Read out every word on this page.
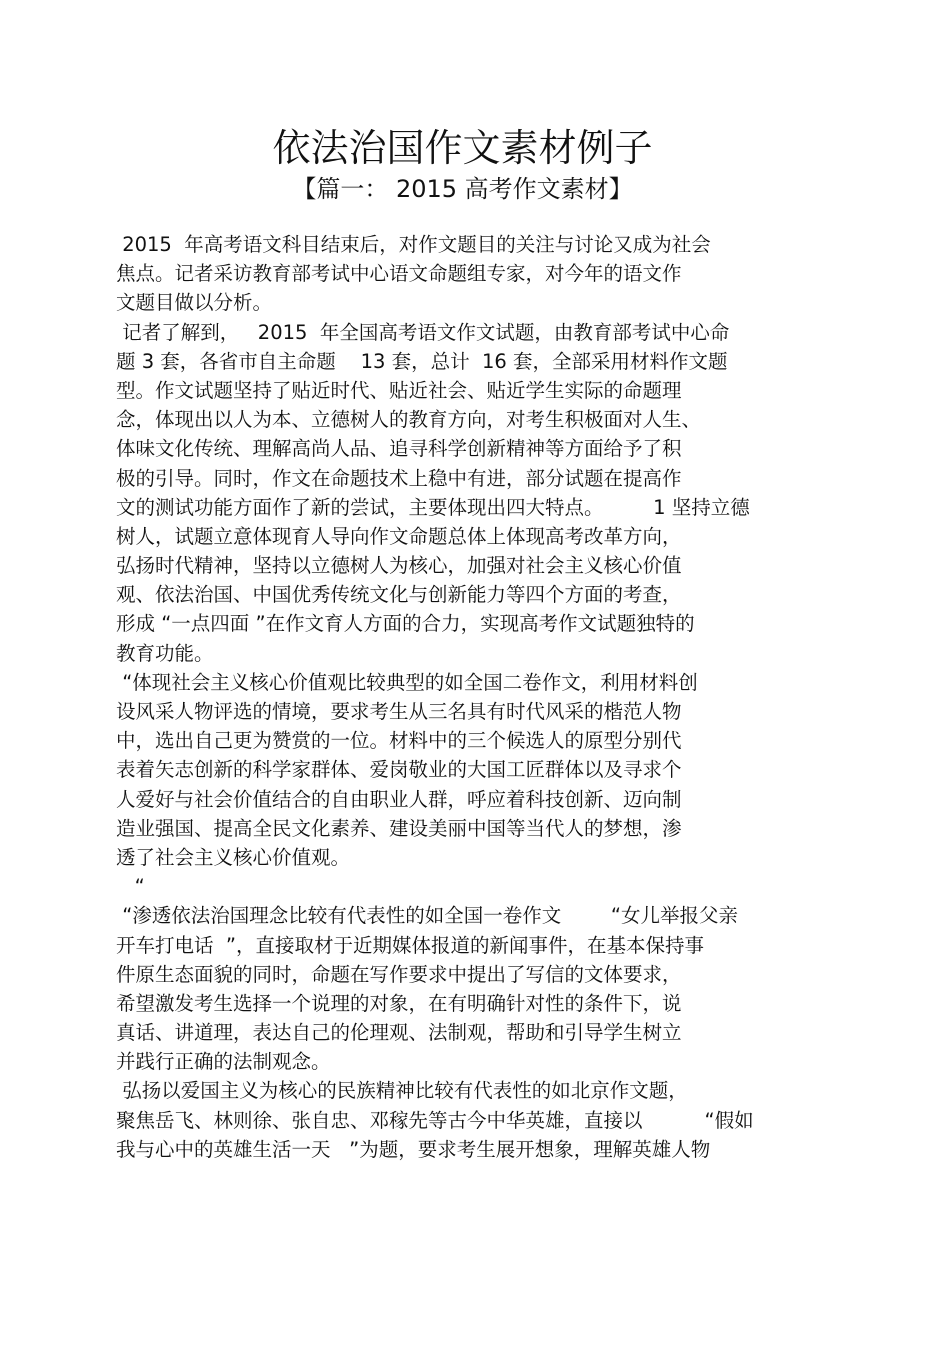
依法治国作文素材例子
【篇一： 2015 高考作文素材】
2015  年高考语文科目结束后，对作文题目的关注与讨论又成为社会
焦点。记者采访教育部考试中心语文命题组专家，对今年的语文作
文题目做以分析。
记者了解到，   2015  年全国高考语文作文试题，由教育部考试中心命
题 3 套，各省市自主命题    13 套，总计  16 套，全部采用材料作文题
型。作文试题坚持了贴近时代、贴近社会、贴近学生实际的命题理
念，体现出以人为本、立德树人的教育方向，对考生积极面对人生、
体味文化传统、理解高尚人品、追寻科学创新精神等方面给予了积
极的引导。同时，作文在命题技术上稳中有进，部分试题在提高作
文的测试功能方面作了新的尝试，主要体现出四大特点。        1 坚持立德
树人，试题立意体现育人导向作文命题总体上体现高考改革方向，
弘扬时代精神，坚持以立德树人为核心，加强对社会主义核心价值
观、依法治国、中国优秀传统文化与创新能力等四个方面的考查，
形成 “一点四面 ”在作文育人方面的合力，实现高考作文试题独特的
教育功能。
“体现社会主义核心价值观比较典型的如全国二卷作文，利用材料创
设风采人物评选的情境，要求考生从三名具有时代风采的楷范人物
中，选出自己更为赞赏的一位。材料中的三个候选人的原型分别代
表着矢志创新的科学家群体、爱岗敬业的大国工匠群体以及寻求个
人爱好与社会价值结合的自由职业人群，呼应着科技创新、迈向制
造业强国、提高全民文化素养、建设美丽中国等当代人的梦想，渗
透了社会主义核心价值观。
“
“渗透依法治国理念比较有代表性的如全国一卷作文        “女儿举报父亲
开车打电话  ”，直接取材于近期媒体报道的新闻事件，在基本保持事
件原生态面貌的同时，命题在写作要求中提出了写信的文体要求，
希望激发考生选择一个说理的对象，在有明确针对性的条件下，说
真话、讲道理，表达自己的伦理观、法制观，帮助和引导学生树立
并践行正确的法制观念。
弘扬以爱国主义为核心的民族精神比较有代表性的如北京作文题，
聚焦岳飞、林则徐、张自忠、邓稼先等古今中华英雄，直接以          “假如
我与心中的英雄生活一天   ”为题，要求考生展开想象，理解英雄人物
